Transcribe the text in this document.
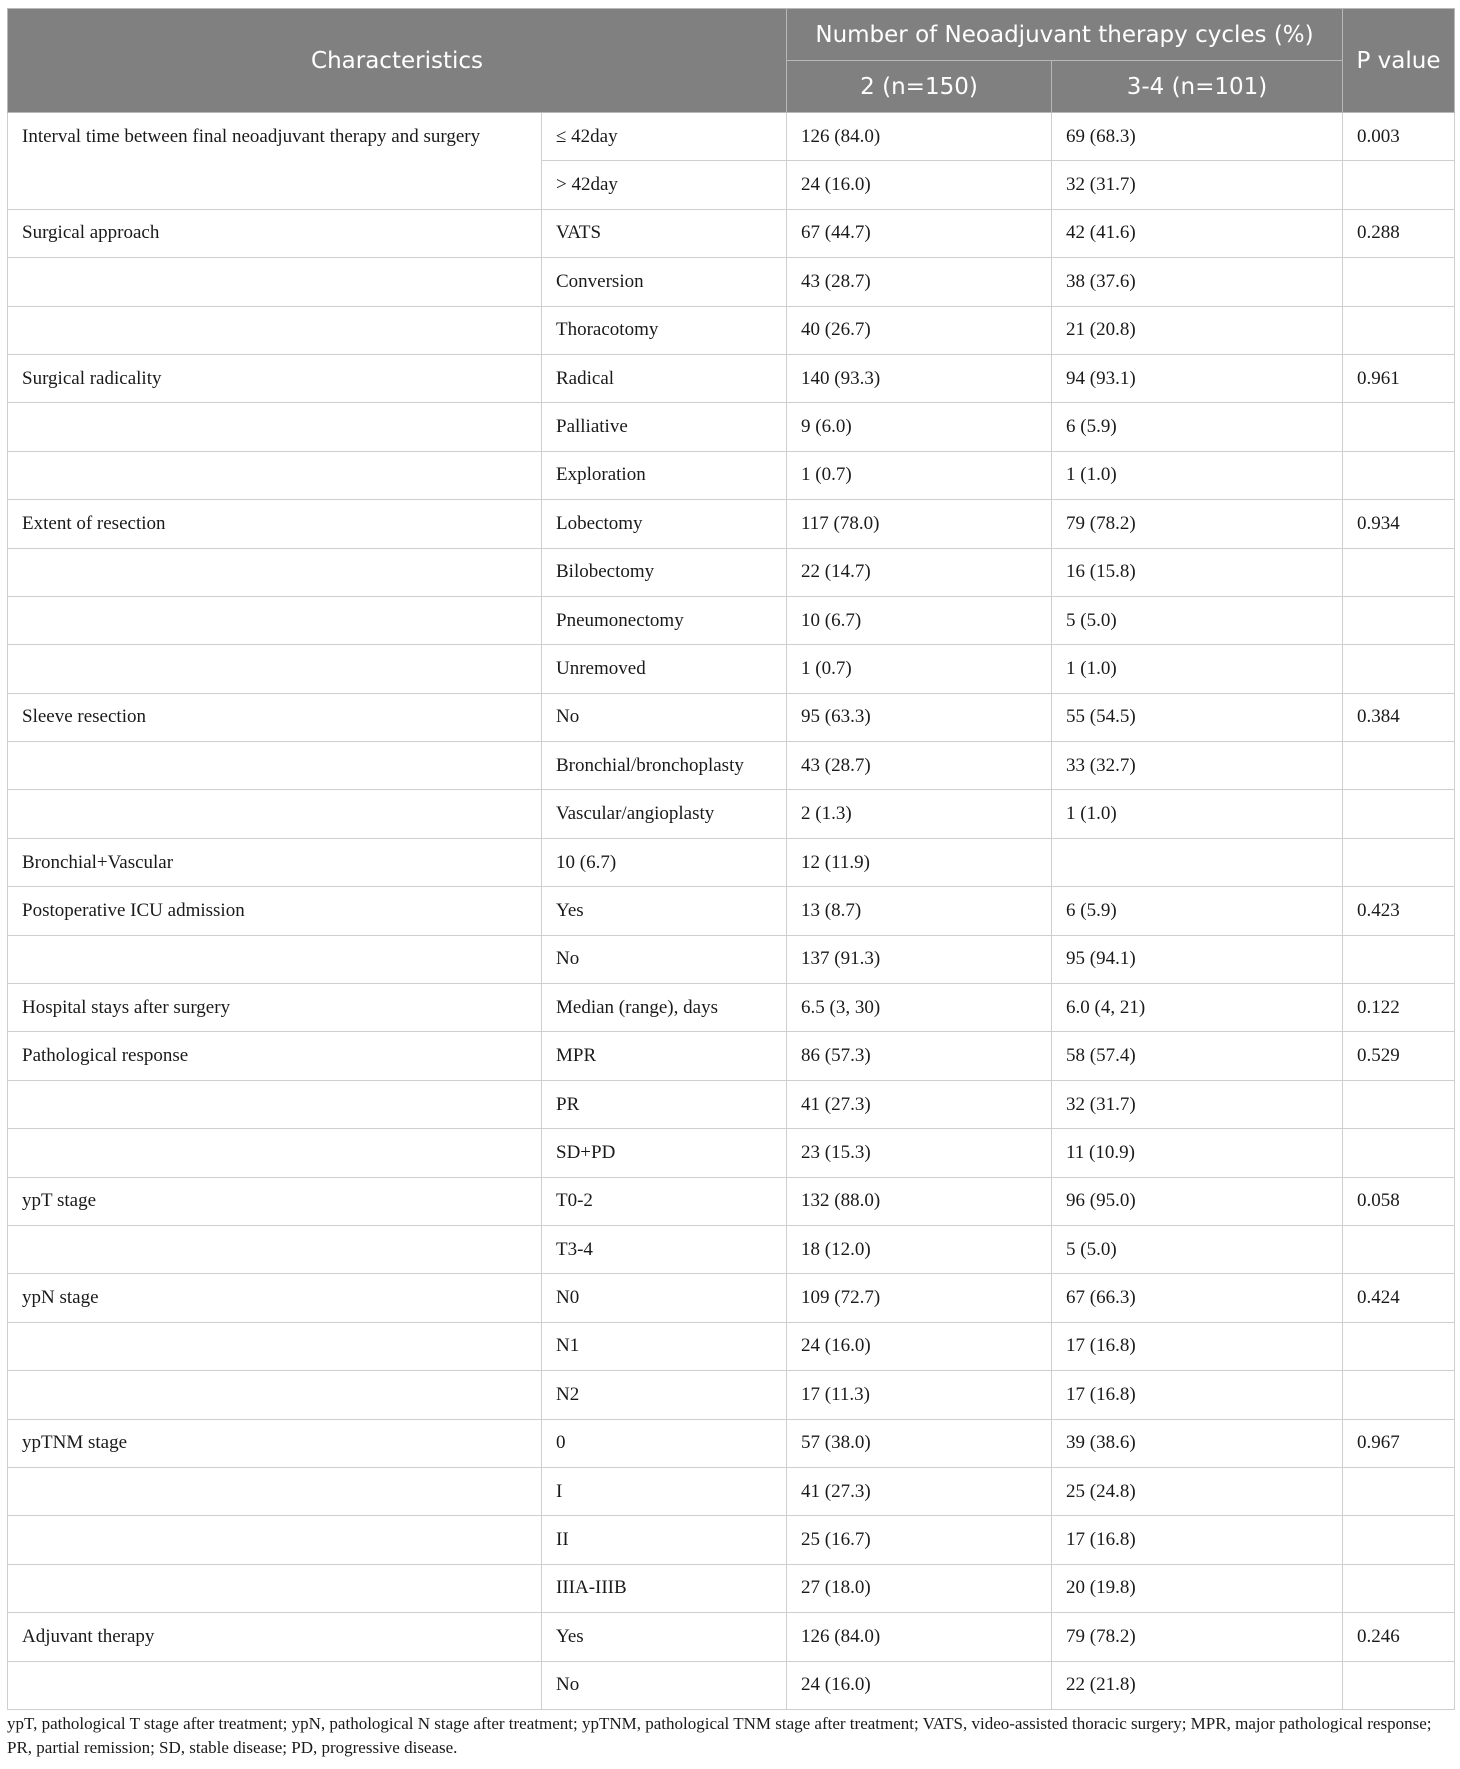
Characteristics		Number of Neoadjuvant therapy cycles (%)		P value
		2 (n=150)	3-4 (n=101)	
Interval time between final neoadjuvant therapy and surgery	≤ 42day	126 (84.0)	69 (68.3)	0.003
	> 42day	24 (16.0)	32 (31.7)	
Surgical approach	VATS	67 (44.7)	42 (41.6)	0.288
	Conversion	43 (28.7)	38 (37.6)	
	Thoracotomy	40 (26.7)	21 (20.8)	
Surgical radicality	Radical	140 (93.3)	94 (93.1)	0.961
	Palliative	9 (6.0)	6 (5.9)	
	Exploration	1 (0.7)	1 (1.0)	
Extent of resection	Lobectomy	117 (78.0)	79 (78.2)	0.934
	Bilobectomy	22 (14.7)	16 (15.8)	
	Pneumonectomy	10 (6.7)	5 (5.0)	
	Unremoved	1 (0.7)	1 (1.0)	
Sleeve resection	No	95 (63.3)	55 (54.5)	0.384
	Bronchial/bronchoplasty	43 (28.7)	33 (32.7)	
	Vascular/angioplasty	2 (1.3)	1 (1.0)	
Bronchial+Vascular	10 (6.7)	12 (11.9)		
Postoperative ICU admission	Yes	13 (8.7)	6 (5.9)	0.423
	No	137 (91.3)	95 (94.1)	
Hospital stays after surgery	Median (range), days	6.5 (3, 30)	6.0 (4, 21)	0.122
Pathological response	MPR	86 (57.3)	58 (57.4)	0.529
	PR	41 (27.3)	32 (31.7)	
	SD+PD	23 (15.3)	11 (10.9)	
ypT stage	T0-2	132 (88.0)	96 (95.0)	0.058
	T3-4	18 (12.0)	5 (5.0)	
ypN stage	N0	109 (72.7)	67 (66.3)	0.424
	N1	24 (16.0)	17 (16.8)	
	N2	17 (11.3)	17 (16.8)	
ypTNM stage	0	57 (38.0)	39 (38.6)	0.967
	I	41 (27.3)	25 (24.8)	
	II	25 (16.7)	17 (16.8)	
	IIIA-IIIB	27 (18.0)	20 (19.8)	
Adjuvant therapy	Yes	126 (84.0)	79 (78.2)	0.246
	No	24 (16.0)	22 (21.8)	
ypT, pathological T stage after treatment; ypN, pathological N stage after treatment; ypTNM, pathological TNM stage after treatment; VATS, video-assisted thoracic surgery; MPR, major pathological response; PR, partial remission; SD, stable disease; PD, progressive disease.
